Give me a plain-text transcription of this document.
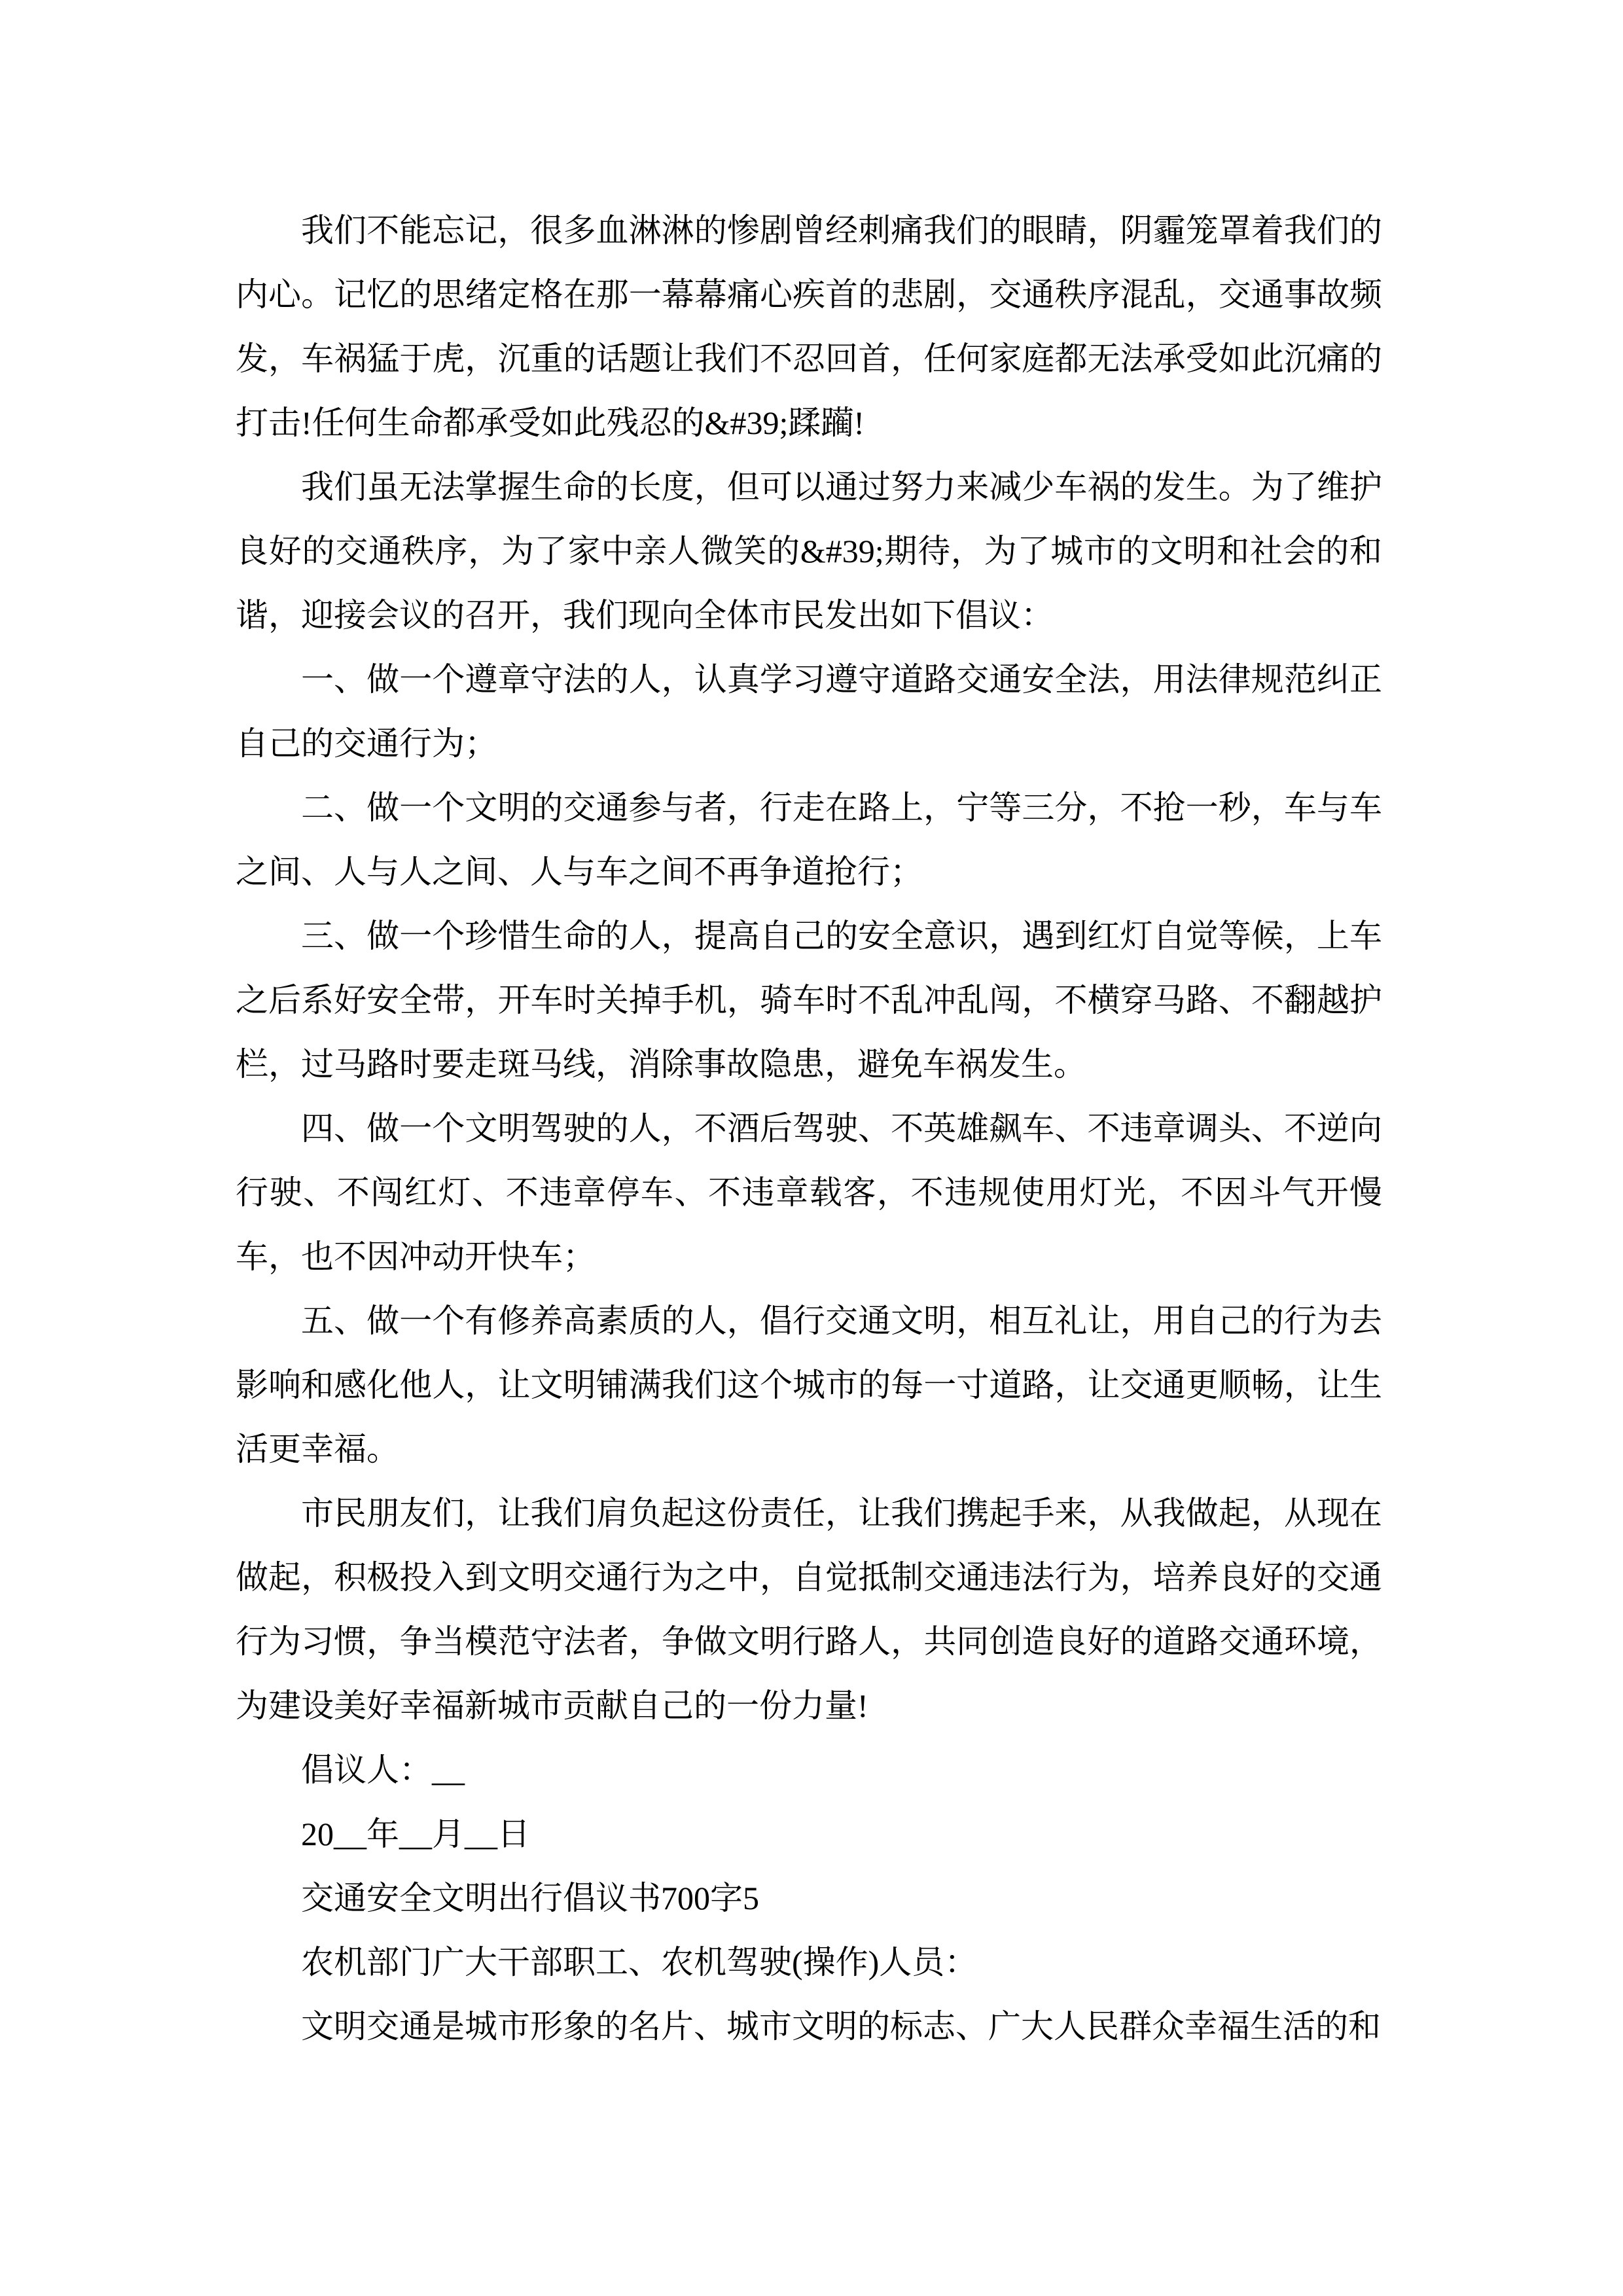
我们不能忘记，很多血淋淋的惨剧曾经刺痛我们的眼睛，阴霾笼罩着我们的内心。记忆的思绪定格在那一幕幕痛心疾首的悲剧，交通秩序混乱，交通事故频发，车祸猛于虎，沉重的话题让我们不忍回首，任何家庭都无法承受如此沉痛的打击!任何生命都承受如此残忍的&#39;蹂躏!

我们虽无法掌握生命的长度，但可以通过努力来减少车祸的发生。为了维护良好的交通秩序，为了家中亲人微笑的&#39;期待，为了城市的文明和社会的和谐，迎接会议的召开，我们现向全体市民发出如下倡议：

一、做一个遵章守法的人，认真学习遵守道路交通安全法，用法律规范纠正自己的交通行为；

二、做一个文明的交通参与者，行走在路上，宁等三分，不抢一秒，车与车之间、人与人之间、人与车之间不再争道抢行；

三、做一个珍惜生命的人，提高自己的安全意识，遇到红灯自觉等候，上车之后系好安全带，开车时关掉手机，骑车时不乱冲乱闯，不横穿马路、不翻越护栏，过马路时要走斑马线，消除事故隐患，避免车祸发生。

四、做一个文明驾驶的人，不酒后驾驶、不英雄飙车、不违章调头、不逆向行驶、不闯红灯、不违章停车、不违章载客，不违规使用灯光，不因斗气开慢车，也不因冲动开快车；

五、做一个有修养高素质的人，倡行交通文明，相互礼让，用自己的行为去影响和感化他人，让文明铺满我们这个城市的每一寸道路，让交通更顺畅，让生活更幸福。

市民朋友们，让我们肩负起这份责任，让我们携起手来，从我做起，从现在做起，积极投入到文明交通行为之中，自觉抵制交通违法行为，培养良好的交通行为习惯，争当模范守法者，争做文明行路人，共同创造良好的道路交通环境，为建设美好幸福新城市贡献自己的一份力量!

倡议人：__

20__年__月__日

交通安全文明出行倡议书700字5

农机部门广大干部职工、农机驾驶(操作)人员：

文明交通是城市形象的名片、城市文明的标志、广大人民群众幸福生活的和
